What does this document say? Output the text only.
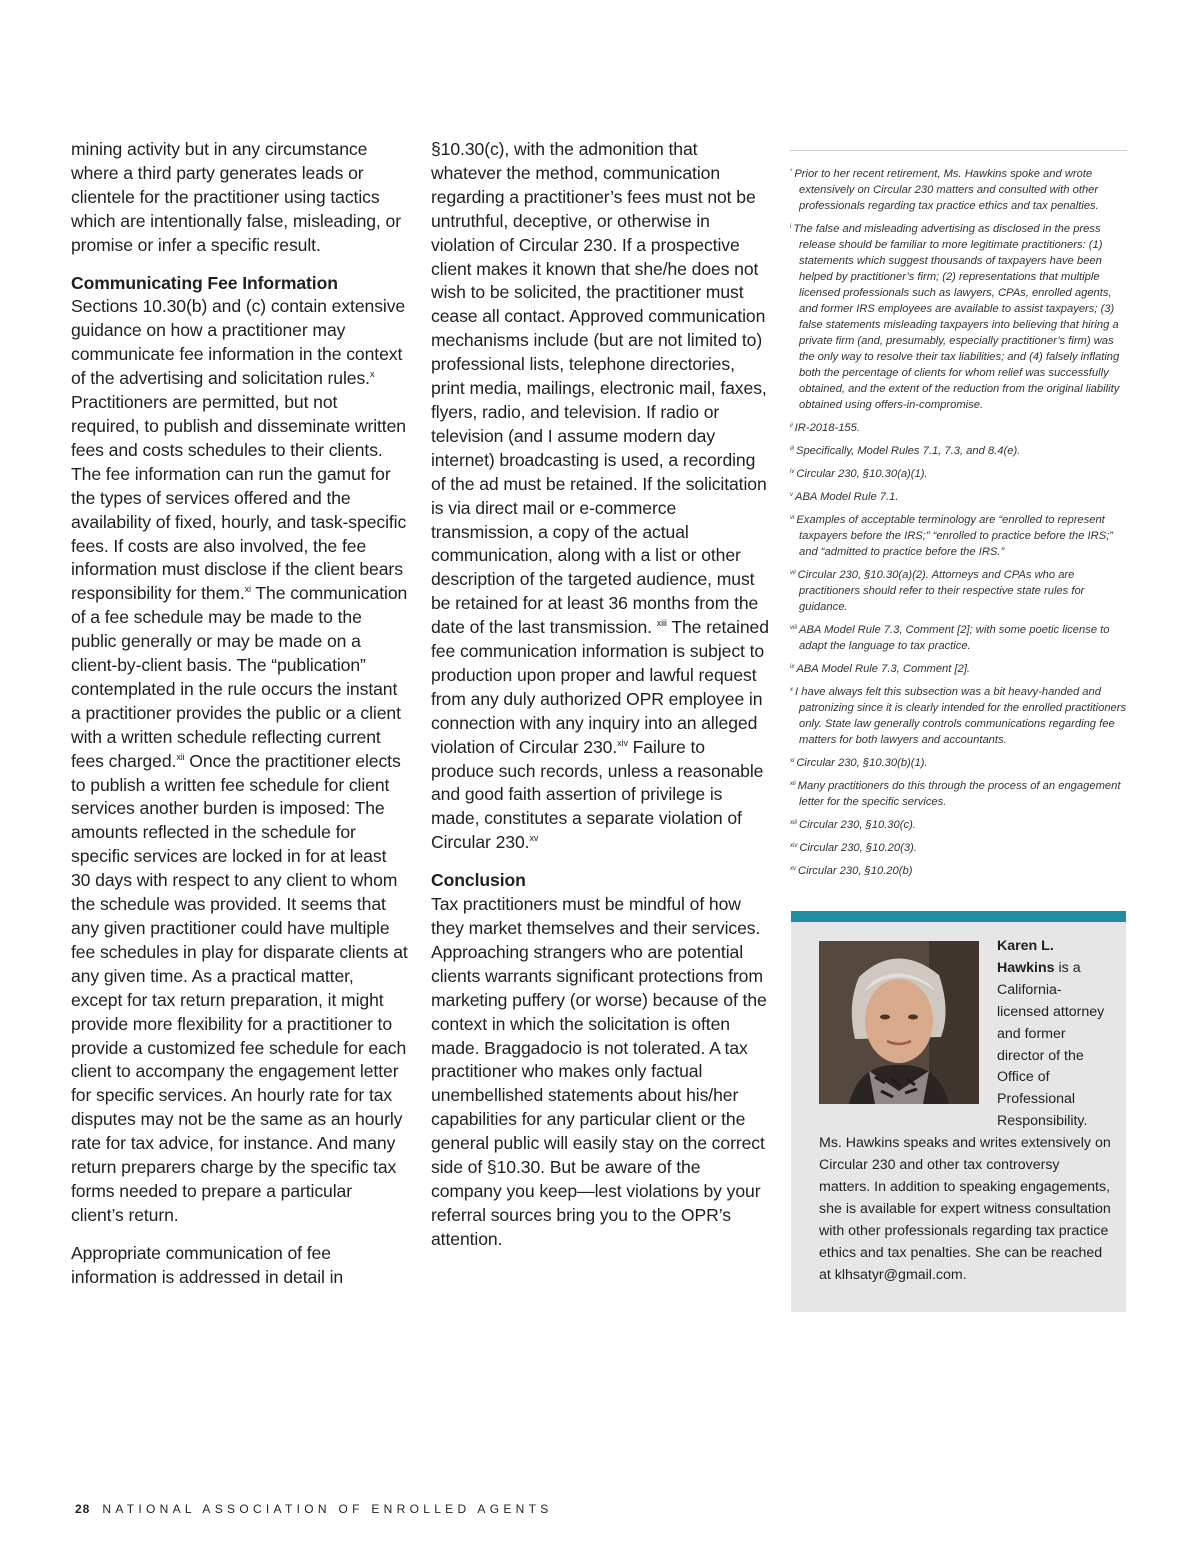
mining activity but in any circumstance where a third party generates leads or clientele for the practitioner using tactics which are intentionally false, misleading, or promise or infer a specific result.

Communicating Fee Information

Sections 10.30(b) and (c) contain extensive guidance on how a practitioner may communicate fee information in the context of the advertising and solicitation rules.$^x$ Practitioners are permitted, but not required, to publish and disseminate written fees and costs schedules to their clients. The fee information can run the gamut for the types of services offered and the availability of fixed, hourly, and task-specific fees. If costs are also involved, the fee information must disclose if the client bears responsibility for them.$^{xi}$ The communication of a fee schedule may be made to the public generally or may be made on a client-by-client basis. The “publication” contemplated in the rule occurs the instant a practitioner provides the public or a client with a written schedule reflecting current fees charged.$^{xii}$ Once the practitioner elects to publish a written fee schedule for client services another burden is imposed: The amounts reflected in the schedule for specific services are locked in for at least 30 days with respect to any client to whom the schedule was provided. It seems that any given practitioner could have multiple fee schedules in play for disparate clients at any given time. As a practical matter, except for tax return preparation, it might provide more flexibility for a practitioner to provide a customized fee schedule for each client to accompany the engagement letter for specific services. An hourly rate for tax disputes may not be the same as an hourly rate for tax advice, for instance. And many return preparers charge by the specific tax forms needed to prepare a particular client’s return.

Appropriate communication of fee information is addressed in detail in

§10.30(c), with the admonition that whatever the method, communication regarding a practitioner’s fees must not be untruthful, deceptive, or otherwise in violation of Circular 230. If a prospective client makes it known that she/he does not wish to be solicited, the practitioner must cease all contact. Approved communication mechanisms include (but are not limited to) professional lists, telephone directories, print media, mailings, electronic mail, faxes, flyers, radio, and television. If radio or television (and I assume modern day internet) broadcasting is used, a recording of the ad must be retained. If the solicitation is via direct mail or e-commerce transmission, a copy of the actual communication, along with a list or other description of the targeted audience, must be retained for at least 36 months from the date of the last transmission. $^{xiii}$ The retained fee communication information is subject to production upon proper and lawful request from any duly authorized OPR employee in connection with any inquiry into an alleged violation of Circular 230.$^{xiv}$ Failure to produce such records, unless a reasonable and good faith assertion of privilege is made, constitutes a separate violation of Circular 230.$^{xv}$

Conclusion

Tax practitioners must be mindful of how they market themselves and their services. Approaching strangers who are potential clients warrants significant protections from marketing puffery (or worse) because of the context in which the solicitation is often made. Braggadocio is not tolerated. A tax practitioner who makes only factual unembellished statements about his/her capabilities for any particular client or the general public will easily stay on the correct side of §10.30. But be aware of the company you keep—lest violations by your referral sources bring you to the OPR’s attention.

* Prior to her recent retirement, Ms. Hawkins spoke and wrote extensively on Circular 230 matters and consulted with other professionals regarding tax practice ethics and tax penalties.
$^i$ The false and misleading advertising as disclosed in the press release should be familiar to more legitimate practitioners: (1) statements which suggest thousands of taxpayers have been helped by practitioner’s firm; (2) representations that multiple licensed professionals such as lawyers, CPAs, enrolled agents, and former IRS employees are available to assist taxpayers; (3) false statements misleading taxpayers into believing that hiring a private firm (and, presumably, especially practitioner’s firm) was the only way to resolve their tax liabilities; and (4) falsely inflating both the percentage of clients for whom relief was successfully obtained, and the extent of the reduction from the original liability obtained using offers-in-compromise.
$^{ii}$ IR-2018-155.
$^{iii}$ Specifically, Model Rules 7.1, 7.3, and 8.4(e).
$^{iv}$ Circular 230, §10.30(a)(1).
$^v$ ABA Model Rule 7.1.
$^{vi}$ Examples of acceptable terminology are “enrolled to represent taxpayers before the IRS;” “enrolled to practice before the IRS;” and “admitted to practice before the IRS.”
$^{vii}$ Circular 230, §10.30(a)(2). Attorneys and CPAs who are practitioners should refer to their respective state rules for guidance.
$^{viii}$ ABA Model Rule 7.3, Comment [2]; with some poetic license to adapt the language to tax practice.
$^{ix}$ ABA Model Rule 7.3, Comment [2].
$^x$ I have always felt this subsection was a bit heavy-handed and patronizing since it is clearly intended for the enrolled practitioners only. State law generally controls communications regarding fee matters for both lawyers and accountants.
$^{xi}$ Circular 230, §10.30(b)(1).
$^{xii}$ Many practitioners do this through the process of an engagement letter for the specific services.
$^{xiii}$ Circular 230, §10.30(c).
$^{xiv}$ Circular 230, §10.20(3).
$^{xv}$ Circular 230, §10.20(b)
Karen L. Hawkins is a California-licensed attorney and former director of the Office of Professional Responsibility. Ms. Hawkins speaks and writes extensively on Circular 230 and other tax controversy matters. In addition to speaking engagements, she is available for expert witness consultation with other professionals regarding tax practice ethics and tax penalties. She can be reached at klhsatyr@gmail.com.
28 NATIONAL ASSOCIATION OF ENROLLED AGENTS
